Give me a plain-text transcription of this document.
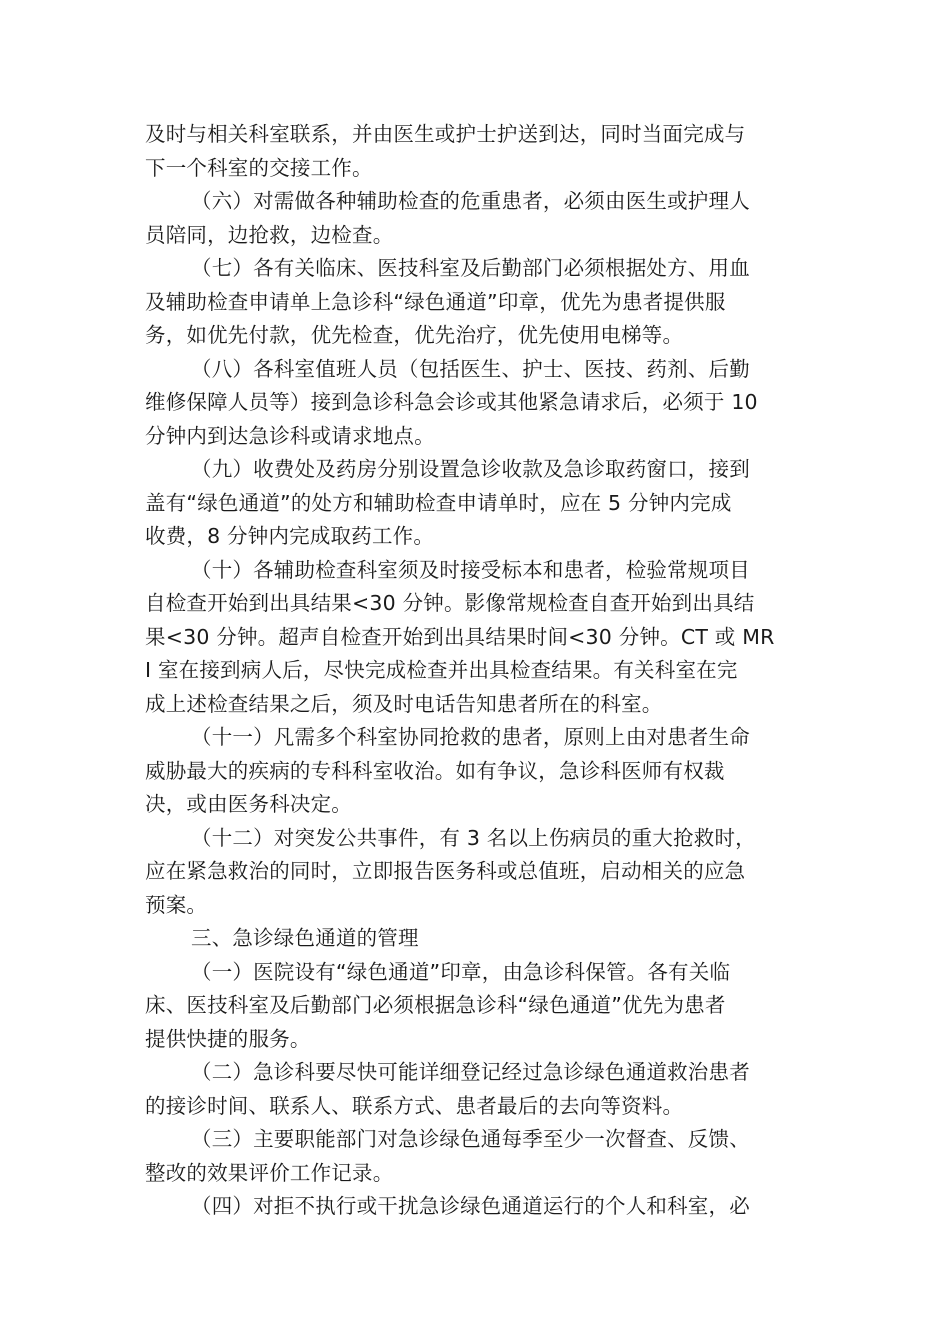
及时与相关科室联系，并由医生或护士护送到达，同时当面完成与
下一个科室的交接工作。
（六）对需做各种辅助检查的危重患者，必须由医生或护理人
员陪同，边抢救，边检查。
（七）各有关临床、医技科室及后勤部门必须根据处方、用血
及辅助检查申请单上急诊科“绿色通道”印章，优先为患者提供服
务，如优先付款，优先检查，优先治疗，优先使用电梯等。
（八）各科室值班人员（包括医生、护士、医技、药剂、后勤
维修保障人员等）接到急诊科急会诊或其他紧急请求后，必须于 10
分钟内到达急诊科或请求地点。
（九）收费处及药房分别设置急诊收款及急诊取药窗口，接到
盖有“绿色通道”的处方和辅助检查申请单时，应在 5 分钟内完成
收费，8 分钟内完成取药工作。
（十）各辅助检查科室须及时接受标本和患者，检验常规项目
自检查开始到出具结果<30 分钟。影像常规检查自查开始到出具结
果<30 分钟。超声自检查开始到出具结果时间<30 分钟。CT 或 MR
I 室在接到病人后，尽快完成检查并出具检查结果。有关科室在完
成上述检查结果之后，须及时电话告知患者所在的科室。
（十一）凡需多个科室协同抢救的患者，原则上由对患者生命
威胁最大的疾病的专科科室收治。如有争议，急诊科医师有权裁
决，或由医务科决定。
（十二）对突发公共事件，有 3 名以上伤病员的重大抢救时，
应在紧急救治的同时，立即报告医务科或总值班，启动相关的应急
预案。
三、急诊绿色通道的管理
（一）医院设有“绿色通道”印章，由急诊科保管。各有关临
床、医技科室及后勤部门必须根据急诊科“绿色通道”优先为患者
提供快捷的服务。
（二）急诊科要尽快可能详细登记经过急诊绿色通道救治患者
的接诊时间、联系人、联系方式、患者最后的去向等资料。
（三）主要职能部门对急诊绿色通每季至少一次督查、反馈、
整改的效果评价工作记录。
（四）对拒不执行或干扰急诊绿色通道运行的个人和科室，必
